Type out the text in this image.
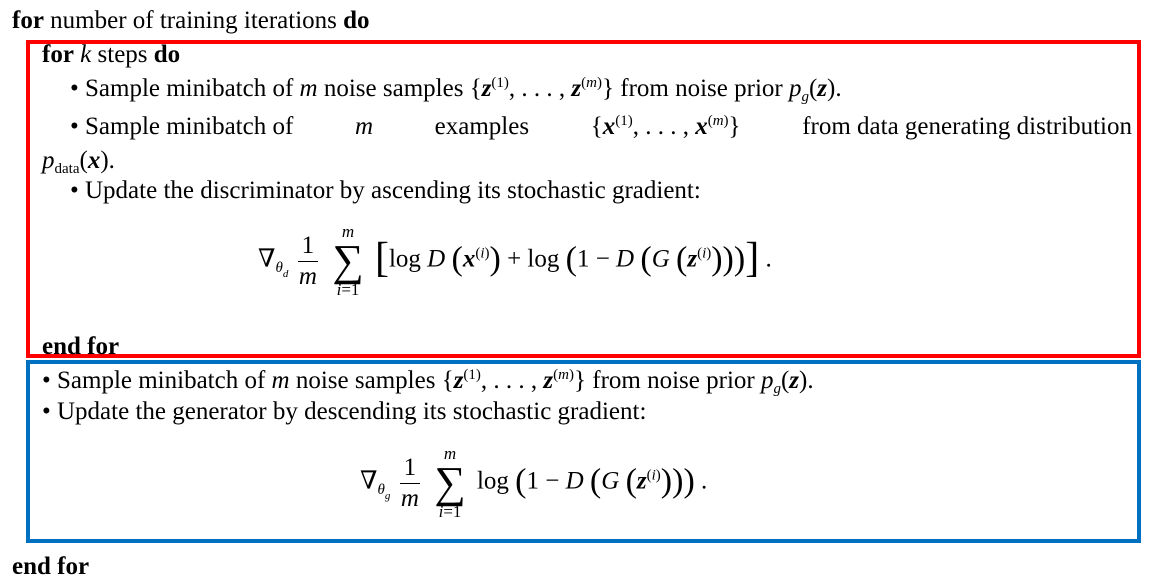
for number of training iterations do
for k steps do
• Sample minibatch of m noise samples {$z^{(1)}$, . . . , $z^{(m)}$} from noise prior $p_g(z)$.
• Sample minibatch of m examples {$x^{(1)}$, . . . , $x^{(m)}$} from data generating distribution
$p_{data}(x)$.
• Update the discriminator by ascending its stochastic gradient:
$\nabla_{\theta_d} \frac{1}{m}$
	m
∑
i=1
[log D $(x^{(i)}) + \log (1 - D$ (G $(z^{(i)})$))] .
end for
• Sample minibatch of m noise samples {$z^{(1)}$, . . . , $z^{(m)}$} from noise prior $p_g(z)$.
• Update the generator by descending its stochastic gradient:
$\nabla_{\theta_g} \frac{1}{m}$
	m
∑
i=1
log (1 − D (G $(z^{(i)})$)) .
end for
